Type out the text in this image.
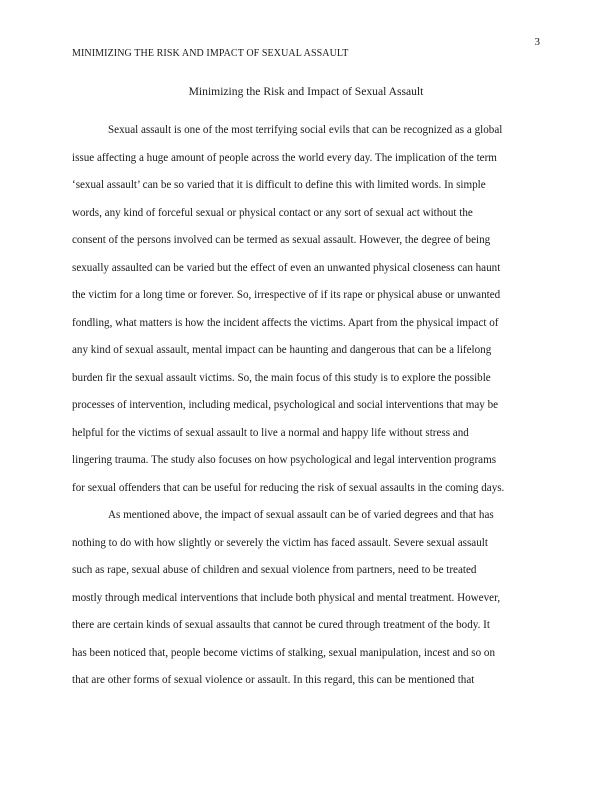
3
MINIMIZING THE RISK AND IMPACT OF SEXUAL ASSAULT
Minimizing the Risk and Impact of Sexual Assault
Sexual assault is one of the most terrifying social evils that can be recognized as a global
issue affecting a huge amount of people across the world every day. The implication of the term
‘sexual assault’ can be so varied that it is difficult to define this with limited words. In simple
words, any kind of forceful sexual or physical contact or any sort of sexual act without the
consent of the persons involved can be termed as sexual assault. However, the degree of being
sexually assaulted can be varied but the effect of even an unwanted physical closeness can haunt
the victim for a long time or forever. So, irrespective of if its rape or physical abuse or unwanted
fondling, what matters is how the incident affects the victims. Apart from the physical impact of
any kind of sexual assault, mental impact can be haunting and dangerous that can be a lifelong
burden fir the sexual assault victims. So, the main focus of this study is to explore the possible
processes of intervention, including medical, psychological and social interventions that may be
helpful for the victims of sexual assault to live a normal and happy life without stress and
lingering trauma. The study also focuses on how psychological and legal intervention programs
for sexual offenders that can be useful for reducing the risk of sexual assaults in the coming days.
As mentioned above, the impact of sexual assault can be of varied degrees and that has
nothing to do with how slightly or severely the victim has faced assault. Severe sexual assault
such as rape, sexual abuse of children and sexual violence from partners, need to be treated
mostly through medical interventions that include both physical and mental treatment. However,
there are certain kinds of sexual assaults that cannot be cured through treatment of the body. It
has been noticed that, people become victims of stalking, sexual manipulation, incest and so on
that are other forms of sexual violence or assault. In this regard, this can be mentioned that
